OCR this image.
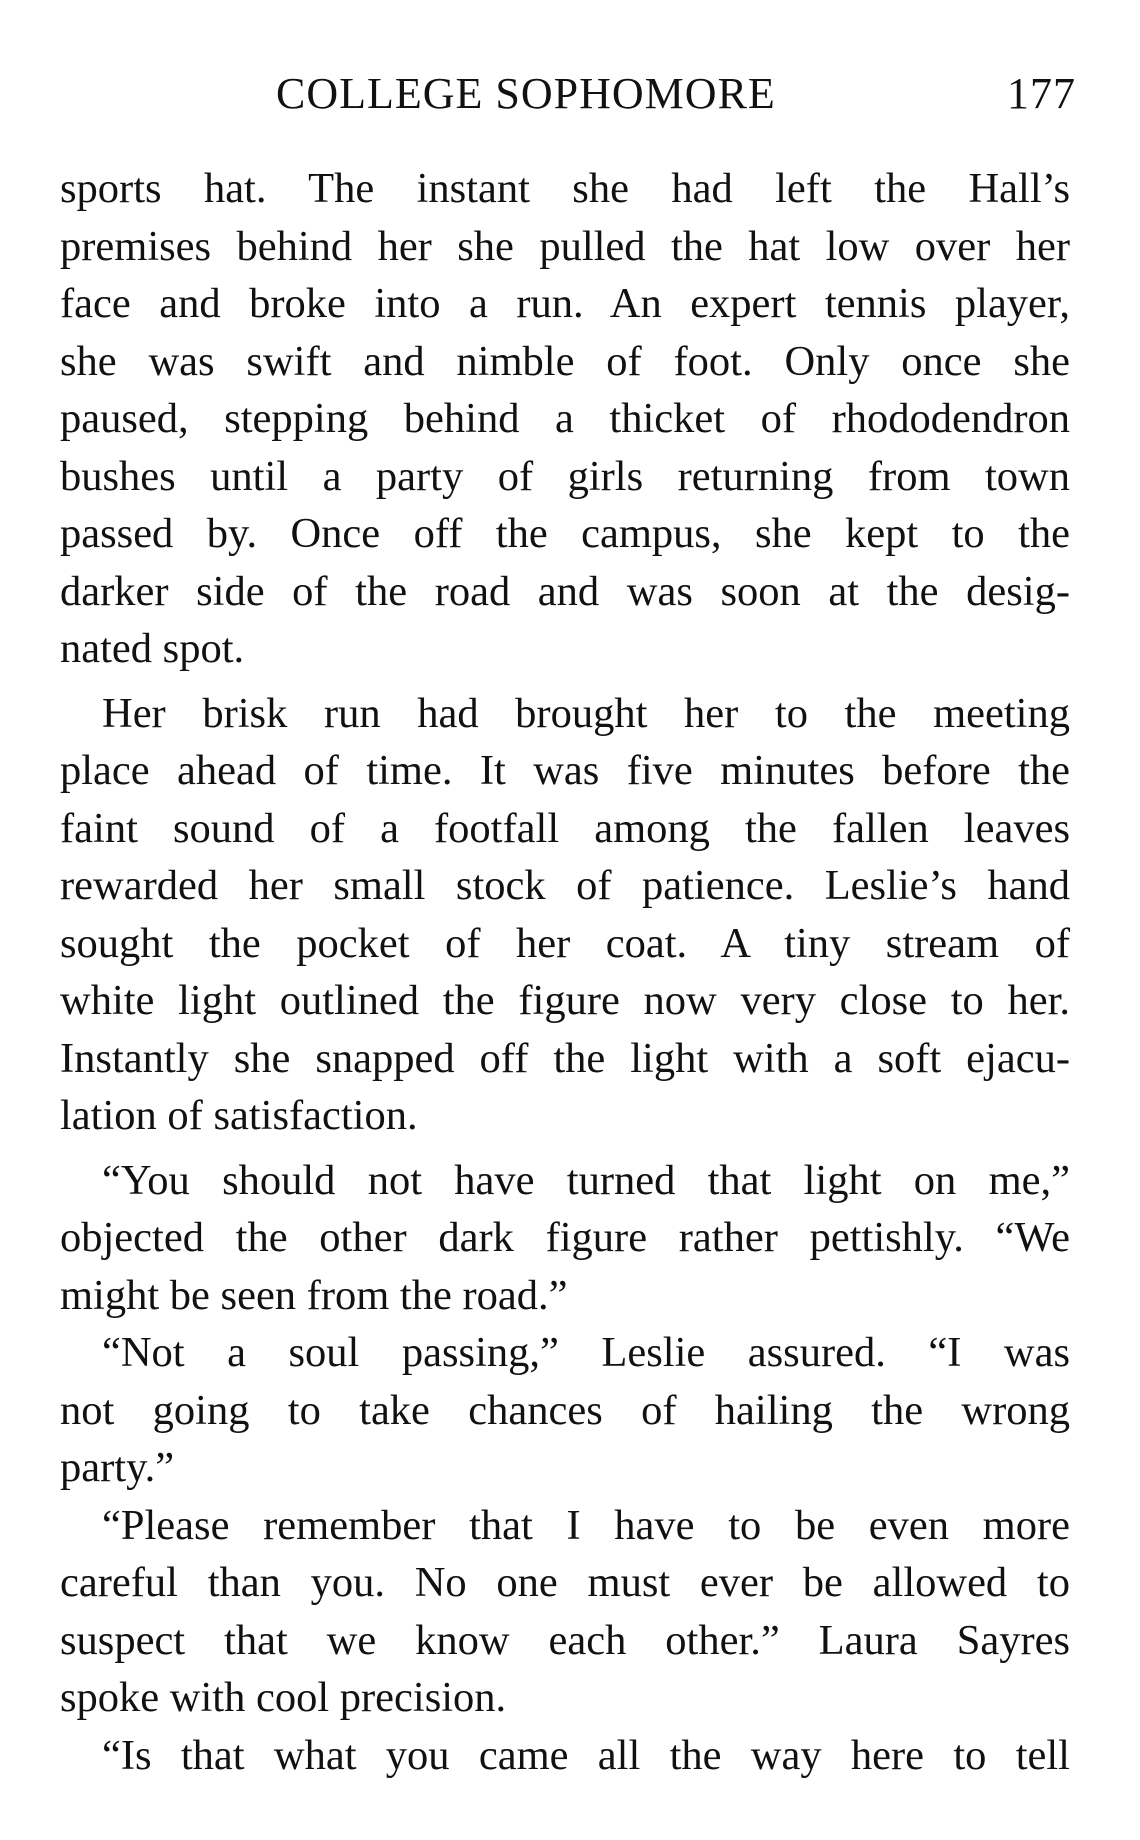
COLLEGE SOPHOMORE	177
sports hat. The instant she had left the Hall’s
premises behind her she pulled the hat low over her
face and broke into a run. An expert tennis player,
she was swift and nimble of foot. Only once she
paused, stepping behind a thicket of rhododendron
bushes until a party of girls returning from town
passed by. Once off the campus, she kept to the
darker side of the road and was soon at the desig-
nated spot.
Her brisk run had brought her to the meeting
place ahead of time. It was five minutes before the
faint sound of a footfall among the fallen leaves
rewarded her small stock of patience. Leslie’s hand
sought the pocket of her coat. A tiny stream of
white light outlined the figure now very close to her.
Instantly she snapped off the light with a soft ejacu-
lation of satisfaction.
“You should not have turned that light on me,”
objected the other dark figure rather pettishly. “We
might be seen from the road.”
“Not a soul passing,” Leslie assured. “I was
not going to take chances of hailing the wrong
party.”
“Please remember that I have to be even more
careful than you. No one must ever be allowed to
suspect that we know each other.” Laura Sayres
spoke with cool precision.
“Is that what you came all the way here to tell
